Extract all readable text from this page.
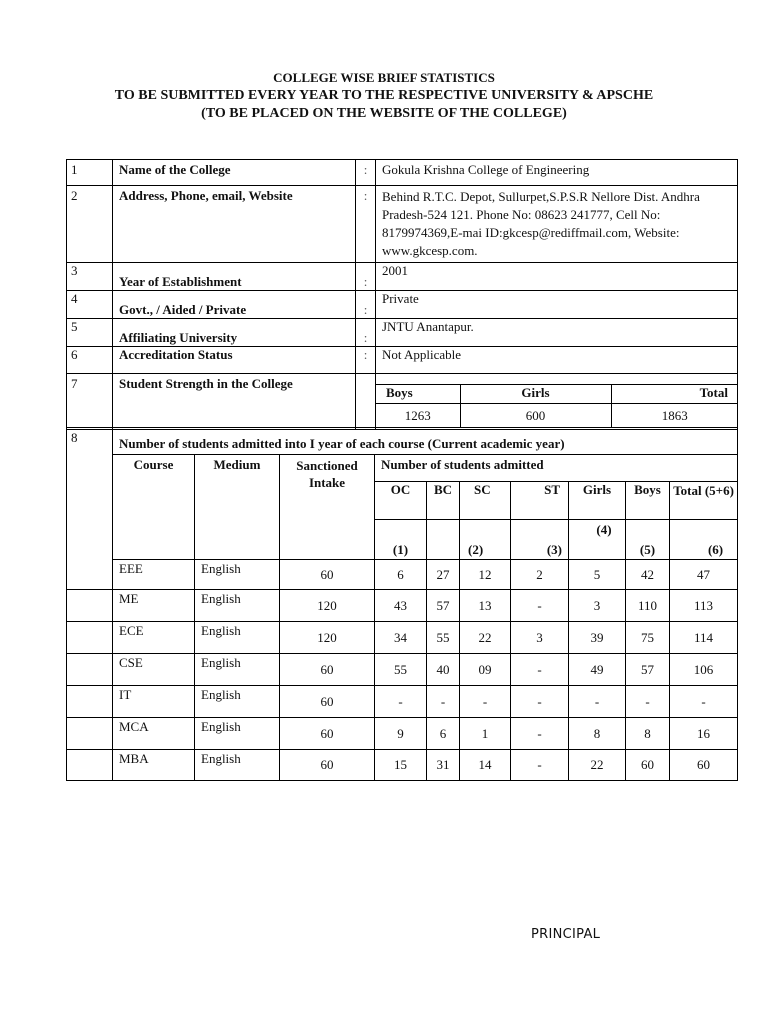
COLLEGE WISE BRIEF STATISTICS
TO BE SUBMITTED EVERY YEAR TO THE RESPECTIVE UNIVERSITY & APSCHE
(TO BE PLACED ON THE WEBSITE OF THE COLLEGE)
1	Name of the College	:	Gokula Krishna College of Engineering
2	Address, Phone, email, Website	:	Behind R.T.C. Depot, Sullurpet,S.P.S.R Nellore Dist. Andhra Pradesh-524 121. Phone No: 08623 241777, Cell No: 8179974369,E-mai ID:gkcesp@rediffmail.com, Website: www.gkcesp.com.
3	Year of Establishment	:	2001
4	Govt., / Aided / Private	:	Private
5	Affiliating University	:	JNTU Anantapur.
6	Accreditation Status	:	Not Applicable
7	Student Strength in the College		
Boys	Girls	Total
1263	600	1863
8	Number of students admitted into I year of each course (Current academic year)									
	Course	Medium	Sanctioned Intake	Number of students admitted						
				OC	BC	SC	ST	Girls	Boys	Total (5+6)
				(1)		(2)	(3)	(4)	(5)	(6)
	EEE	English	60	6	27	12	2	5	42	47
	ME	English	120	43	57	13	-	3	110	113
	ECE	English	120	34	55	22	3	39	75	114
	CSE	English	60	55	40	09	-	49	57	106
	IT	English	60	-	-	-	-	-	-	-
	MCA	English	60	9	6	1	-	8	8	16
	MBA	English	60	15	31	14	-	22	60	60
PRINCIPAL
